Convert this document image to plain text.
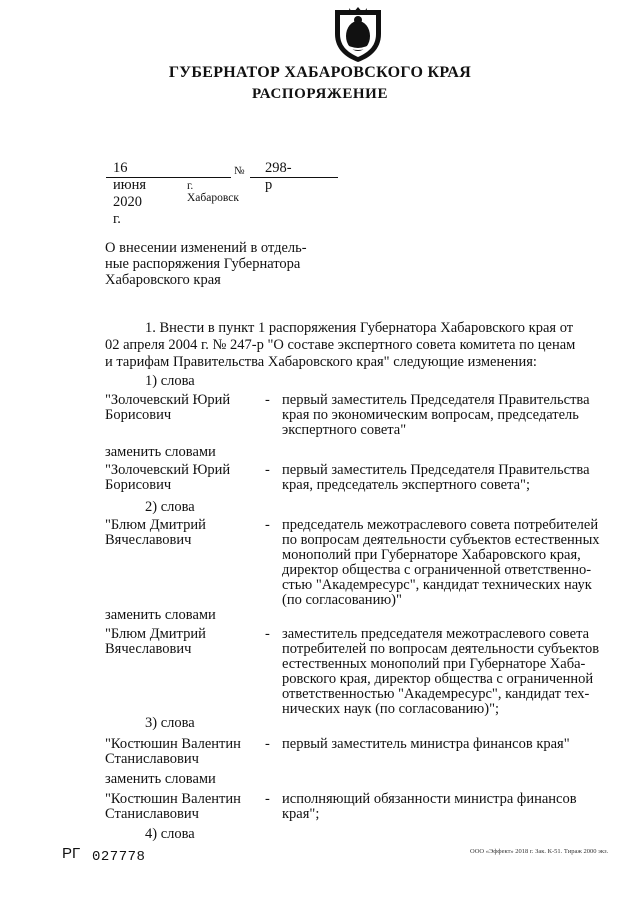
ГУБЕРНАТОР ХАБАРОВСКОГО КРАЯ
РАСПОРЯЖЕНИЕ
16 июня 2020 г.
№ 298-р
г. Хабаровск
О внесении изменений в отдель-
ные распоряжения Губернатора
Хабаровского края
1. Внести в пункт 1 распоряжения Губернатора Хабаровского края от
02 апреля 2004 г. № 247-р "О составе экспертного совета комитета по ценам
и тарифам Правительства Хабаровского края" следующие изменения:
1) слова
"Золочевский Юрий
Борисович
- первый заместитель Председателя Правительства
края по экономическим вопросам, председатель
экспертного совета"
заменить словами
"Золочевский Юрий
Борисович
- первый заместитель Председателя Правительства
края, председатель экспертного совета";
2) слова
"Блюм Дмитрий
Вячеславович
- председатель межотраслевого совета потребителей
по вопросам деятельности субъектов естественных
монополий при Губернаторе Хабаровского края,
директор общества с ограниченной ответственно-
стью "Академресурс", кандидат технических наук
(по согласованию)"
заменить словами
"Блюм Дмитрий
Вячеславович
- заместитель председателя межотраслевого совета
потребителей по вопросам деятельности субъектов
естественных монополий при Губернаторе Хаба-
ровского края, директор общества с ограниченной
ответственностью "Академресурс", кандидат тех-
нических наук (по согласованию)";
3) слова
"Костюшин Валентин
Станиславович
- первый заместитель министра финансов края"
заменить словами
"Костюшин Валентин
Станиславович
- исполняющий обязанности министра финансов
края";
4) слова
РГ 027778	ООО «Эффект» 2018 г. Зак. К-51. Тираж 2000 экз.
